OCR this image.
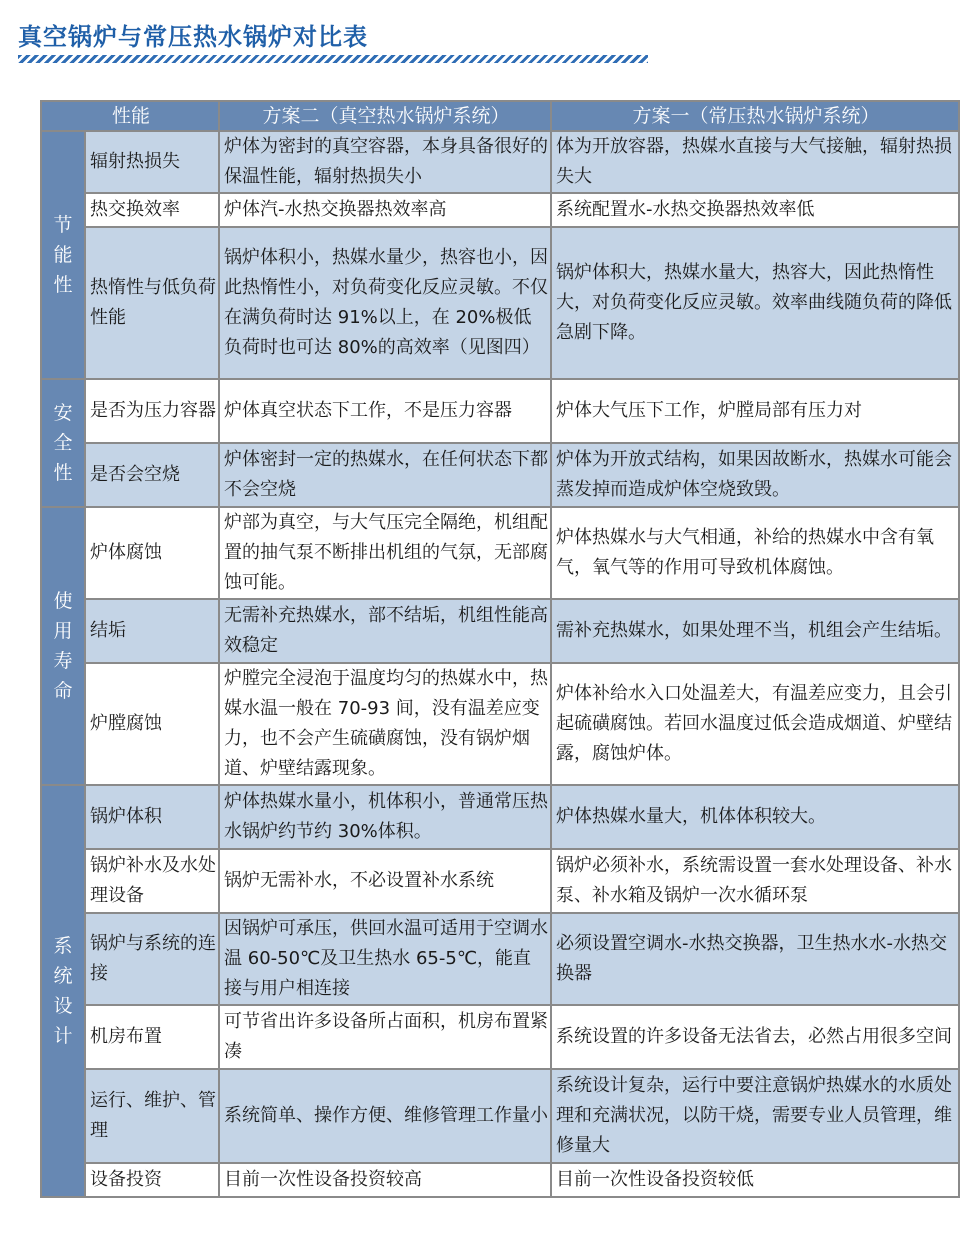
真空锅炉与常压热水锅炉对比表
性能		方案二（真空热水锅炉系统）	方案一（常压热水锅炉系统）
节能性	辐射热损失	炉体为密封的真空容器，本身具备很好的保温性能，辐射热损失小	体为开放容器，热媒水直接与大气接触，辐射热损失大
	热交换效率	炉体汽-水热交换器热效率高	系统配置水-水热交换器热效率低
	热惰性与低负荷性能	锅炉体积小，热媒水量少，热容也小，因此热惰性小，对负荷变化反应灵敏。不仅在满负荷时达 91%以上，在 20%极低负荷时也可达 80%的高效率（见图四）	锅炉体积大，热媒水量大，热容大，因此热惰性大，对负荷变化反应灵敏。效率曲线随负荷的降低急剧下降。
安全性	是否为压力容器	炉体真空状态下工作，不是压力容器	炉体大气压下工作，炉膛局部有压力对
	是否会空烧	炉体密封一定的热媒水，在任何状态下都不会空烧	炉体为开放式结构，如果因故断水，热媒水可能会蒸发掉而造成炉体空烧致毁。
使用寿命	炉体腐蚀	炉部为真空，与大气压完全隔绝，机组配置的抽气泵不断排出机组的气氛，无部腐蚀可能。	炉体热媒水与大气相通，补给的热媒水中含有氧气，氧气等的作用可导致机体腐蚀。
	结垢	无需补充热媒水，部不结垢，机组性能高效稳定	需补充热媒水，如果处理不当，机组会产生结垢。
	炉膛腐蚀	炉膛完全浸泡于温度均匀的热媒水中，热媒水温一般在 70-93 间，没有温差应变力，也不会产生硫磺腐蚀，没有锅炉烟道、炉壁结露现象。	炉体补给水入口处温差大，有温差应变力，且会引起硫磺腐蚀。若回水温度过低会造成烟道、炉壁结露，腐蚀炉体。
系统设计	锅炉体积	炉体热媒水量小，机体积小，普通常压热水锅炉约节约 30%体积。	炉体热媒水量大，机体体积较大。
	锅炉补水及水处理设备	锅炉无需补水，不必设置补水系统	锅炉必须补水，系统需设置一套水处理设备、补水泵、补水箱及锅炉一次水循环泵
	锅炉与系统的连接	因锅炉可承压，供回水温可适用于空调水温 60-50℃及卫生热水 65-5℃，能直接与用户相连接	必须设置空调水-水热交换器，卫生热水水-水热交换器
	机房布置	可节省出许多设备所占面积，机房布置紧凑	系统设置的许多设备无法省去，必然占用很多空间
	运行、维护、管理	系统简单、操作方便、维修管理工作量小	系统设计复杂，运行中要注意锅炉热媒水的水质处理和充满状况，以防干烧，需要专业人员管理，维修量大
	设备投资	目前一次性设备投资较高	目前一次性设备投资较低
